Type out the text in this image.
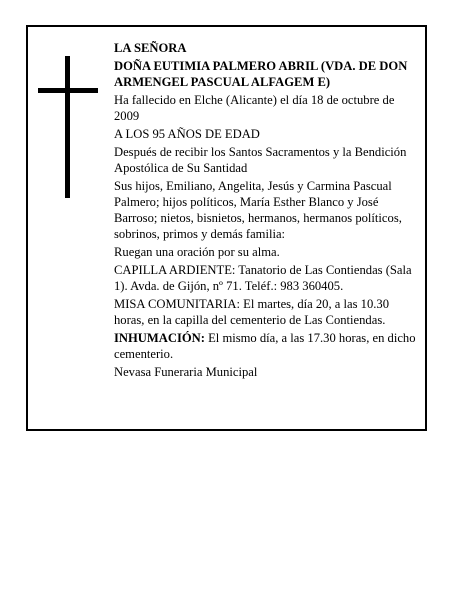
LA SEÑORA

DOÑA EUTIMIA PALMERO ABRIL (VDA. DE DON ARMENGEL PASCUAL ALFAGEM E)

Ha fallecido en Elche (Alicante) el día 18 de octubre de 2009

A LOS 95 AÑOS DE EDAD

Después de recibir los Santos Sacramentos y la Bendición Apostólica de Su Santidad

Sus hijos, Emiliano, Angelita, Jesús y Carmina Pascual Palmero; hijos políticos, María Esther Blanco y José Barroso; nietos, bisnietos, hermanos, hermanos políticos, sobrinos, primos y demás familia:

Ruegan una oración por su alma.

CAPILLA ARDIENTE: Tanatorio de Las Contiendas (Sala 1). Avda. de Gijón, nº 71. Teléf.: 983 360405.

MISA COMUNITARIA: El martes, día 20, a las 10.30 horas, en la capilla del cementerio de Las Contiendas.

INHUMACIÓN: El mismo día, a las 17.30 horas, en dicho cementerio.

Nevasa Funeraria Municipal
